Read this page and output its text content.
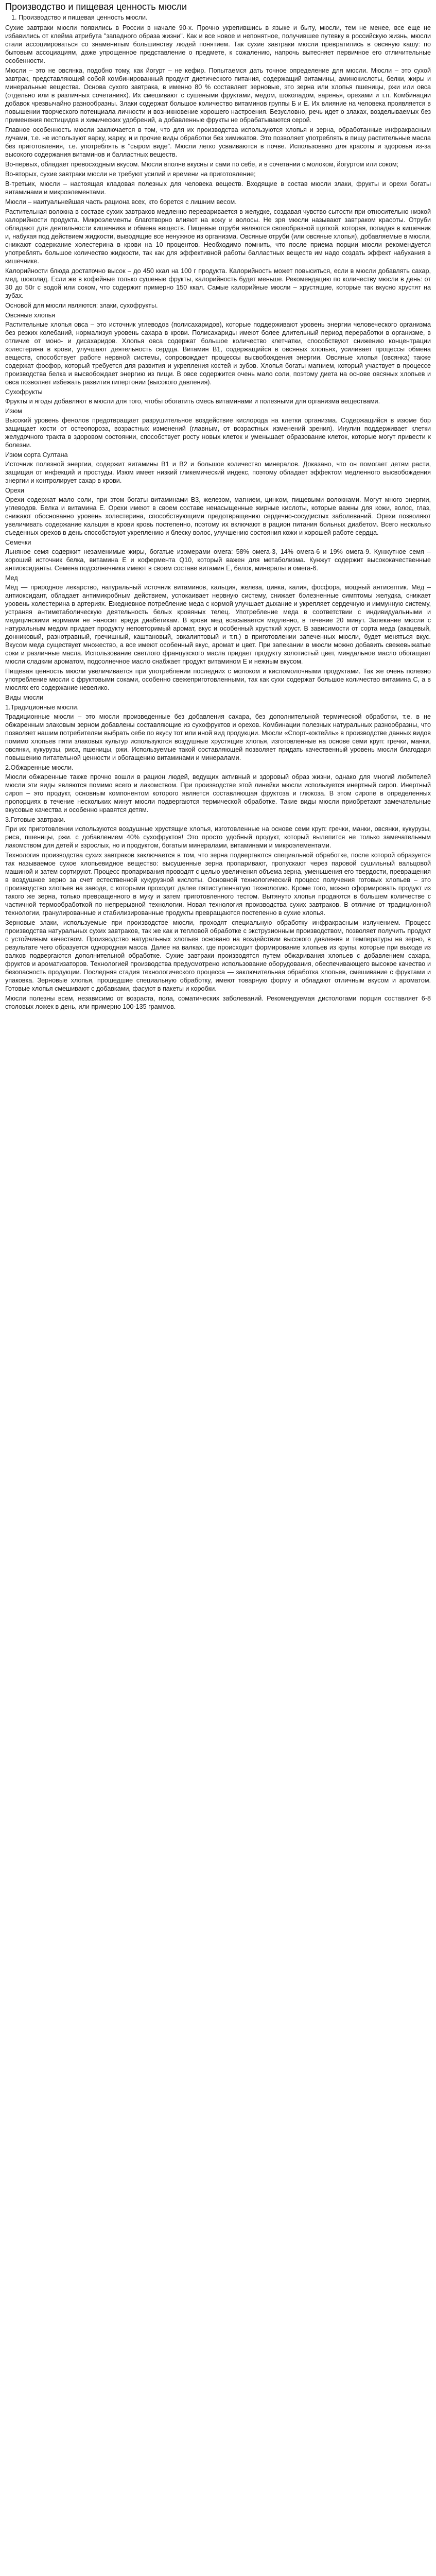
Производство и пищевая ценность мюсли
1. Производство и пищевая ценность мюсли.

Сухие завтраки мюсли появились в России в начале 90-х. Прочно укрепившись в языке и быту, мюсли, тем не менее, все еще не избавились от клейма атрибута "западного образа жизни". Как и все новое и непонятное, получившее путевку в российскую жизнь, мюсли стали ассоциироваться со знаменитым большинству людей понятием. Так сухие завтраки мюсли превратились в овсяную кашу: по бытовым ассоциациям, даже упрощенное представление о предмете, к сожалению, напрочь вытесняет первичное его отличительные особенности.

Мюсли – это не овсянка, подобно тому, как йогурт – не кефир. Попытаемся дать точное определение для мюсли. Мюсли – это сухой завтрак, представляющий собой комбинированный продукт диетического питания, содержащий витамины, аминокислоты, белки, жиры и минеральные вещества. Основа сухого завтрака, в именно 80 % составляет зерновые, это зерна или хлопья пшеницы, ржи или овса (отдельно или в различных сочетаниях). Их смешивают с сушеными фруктами, медом, шоколадом, варенья, орехами и т.п. Комбинации добавок чрезвычайно разнообразны. Злаки содержат большое количество витаминов группы Б и Е. Их влияние на человека проявляется в повышении творческого потенциала личности и возникновение хорошего настроения. Безусловно, речь идет о злаках, возделываемых без применения пестицидов и химических удобрений, а добавленные фрукты не обрабатываются серой.

Главное особенность мюсли заключается в том, что для их производства используются хлопья и зерна, обработанные инфракрасным лучами, т.е. не используют варку, жарку, и и прочие виды обработки без химикатов. Это позволяет употреблять в пищу растительные масла без приготовления, т.е. употреблять в "сыром виде". Мюсли легко усваиваются в почве. Использовано для красоты и здоровья из-за высокого содержания витаминов и балластных веществ.

Во-первых, обладает превосходным вкусом. Мюсли вполне вкусны и сами по себе, и в сочетании с молоком, йогуртом или соком;

Во-вторых, сухие завтраки мюсли не требуют усилий и времени на приготовление;

В-третьих, мюсли – настоящая кладовая полезных для человека веществ. Входящие в состав мюсли злаки, фрукты и орехи богаты витаминами и микроэлементами.

Мюсли – наитуальнейшая часть рациона всех, кто борется с лишним весом.

Растительная волокна в составе сухих завтраков медленно переваривается в желудке, создавая чувство сытости при относительно низкой калорийности продукта. Микроэлементы благотворно влияют на кожу и волосы. Не зря мюсли называют завтраком красоты. Отруби обладают для деятельности кишечника и обмена веществ. Пищевые отруби являются своеобразной щеткой, которая, попадая в кишечник и, набухая под действием жидкости, выводящие все ненужное из организма. Овсяные отруби (или овсяные хлопья), добавляемые в мюсли, снижают содержание холестерина в крови на 10 процентов. Необходимо помнить, что после приема порции мюсли рекомендуется употреблять большое количество жидкости, так как для эффективной работы балластных веществ им надо создать эффект набухания в кишечнике.

Калорийности блюда достаточно высок – до 450 ккал на 100 г продукта. Калорийность может повыситься, если в мюсли добавлять сахар, мед, шоколад. Если же в кофейные только сушеные фрукты, калорийность будет меньше. Рекомендацию по количеству мюсли в день: от 30 до 50г с водой или соком, что содержит примерно 150 ккал. Самые калорийные мюсли – хрустящие, которые так вкусно хрустят на зубах.

Основой для мюсли являются: злаки, сухофрукты.

Овсяные хлопья

Растительные хлопья овса – это источник углеводов (полисахаридов), которые поддерживают уровень энергии человеческого организма без резких колебаний, нормализуя уровень сахара в крови. Полисахариды имеют более длительный период переработки в организме, в отличие от моно- и дисахаридов. Хлопья овса содержат большое количество клетчатки, способствуют снижению концентрации холестерина в крови, улучшают деятельность сердца. Витамин В1, содержащийся в овсяных хлопьях, усиливает процессы обмена веществ, способствует работе нервной системы, сопровождает процессы высвобождения энергии. Овсяные хлопья (овсянка) также содержат фосфор, который требуется для развития и укрепления костей и зубов. Хлопья богаты магнием, который участвует в процессе производства белка и высвобождает энергию из пищи. В овсе содержится очень мало соли, поэтому диета на основе овсяных хлопьев и овса позволяет избежать развития гипертонии (высокого давления).

Сухофрукты

Фрукты и ягоды добавляют в мюсли для того, чтобы обогатить смесь витаминами и полезными для организма веществами.

Изюм

Высокий уровень фенолов предотвращает разрушительное воздействие кислорода на клетки организма. Содержащийся в изюме бор защищает кости от остеопороза, возрастных изменений (главным, от возрастных изменений зрения). Инулин поддерживает клетки желудочного тракта в здоровом состоянии, способствует росту новых клеток и уменьшает образование клеток, которые могут привести к болезни.

Изюм сорта Султана

Источник полезной энергии, содержит витамины В1 и В2 и большое количество минералов. Доказано, что он помогает детям расти, защищая от инфекций и простуды. Изюм имеет низкий гликемический индекс, поэтому обладает эффектом медленного высвобождения энергии и контролирует сахар в крови.

Орехи

Орехи содержат мало соли, при этом богаты витаминами В3, железом, магнием, цинком, пищевыми волокнами. Могут много энергии, углеводов. Белка и витамина Е. Орехи имеют в своем составе ненасыщенные жирные кислоты, которые важны для кожи, волос, глаз, снижают обоснованно уровень холестерина, способствующими предотвращению сердечно-сосудистых заболеваний. Орехи позволяют увеличивать содержание кальция в крови кровь постепенно, поэтому их включают в рацион питания больных диабетом. Всего несколько съеденных орехов в день способствуют укреплению и блеску волос, улучшению состояния кожи и хорошей работе сердца.

Семечки

Льняное семя содержит незаменимые жиры, богатые изомерами омега: 58% омега-3, 14% омега-6 и 19% омега-9. Кунжутное семя – хороший источник белка, витамина Е и кофермента Q10, который важен для метаболизма. Кунжут содержит высококачественные антиоксиданты. Семена подсолнечника имеют в своем составе витамин Е, белок, минералы и омега-6.

Мед

Мёд — природное лекарство, натуральный источник витаминов, кальция, железа, цинка, калия, фосфора, мощный антисептик. Мёд – антиоксидант, обладает антимикробным действием, успокаивает нервную систему, снижает болезненные симптомы желудка, снижает уровень холестерина в артериях. Ежедневное потребление меда с кормой улучшает дыхание и укрепляет сердечную и иммунную систему, устраняя антиметаболическую деятельность белых кровяных телец. Употребление меда в соответствии с индивидуальными и медицинскими нормами не наносит вреда диабетикам. В крови мед всасывается медленно, в течение 20 минут. Запекание мюсли с натуральным медом придает продукту неповторимый аромат, вкус и особенный хрусткий хруст. В зависимости от сорта меда (акацевый, донниковый, разнотравный, гречишный, каштановый, эвкалиптовый и т.п.) в приготовлении запеченных мюсли, будет меняться вкус. Вкусом меда существует множество, а все имеют особенный вкус, аромат и цвет. При запекании в мюсли можно добавить свежевыжатые соки и различные масла. Использование светлого французского масла придает продукту золотистый цвет, миндальное масло обогащает мюсли сладким ароматом, подсолнечное масло снабжает продукт витамином Е и нежным вкусом.

Пищевая ценность мюсли увеличивается при употреблении последних с молоком и кисломолочными продуктами. Так же очень полезно употребление мюсли с фруктовыми соками, особенно свежеприготовленными, так как сухи содержат большое количество витамина С, а в мюслях его содержание невелико.

Виды мюсли

1.Традиционные мюсли.

Традиционные мюсли – это мюсли произведенные без добавления сахара, без дополнительной термической обработки, т.е. в не обжаренным злаковым зерном добавлены составляющие из сухофруктов и орехов. Комбинации полезных натуральных разнообразны, что позволяет нашим потребителям выбрать себе по вкусу тот или иной вид продукции. Мюсли «Спорт-коктейль» в производстве данных видов помимо хлопьев пяти злаковых культур используются воздушные хрустящие хлопья, изготовленные на основе семи круп: гречки, манки, овсянки, кукурузы, риса, пшеницы, ржи. Используемые такой составляющей позволяет придать качественный уровень мюсли благодаря повышению питательной ценности и обогащению витаминами и минералами.

2.Обжаренные мюсли.

Мюсли обжаренные также прочно вошли в рацион людей, ведущих активный и здоровый образ жизни, однако для многий любителей мюсли эти виды являются помимо всего и лакомством. При производстве этой линейки мюсли используется инертный сироп. Инертный сироп – это продукт, основным компонентом которого является составляющая фруктоза и глюкоза. В этом сиропе в определенных пропорциях в течение нескольких минут мюсли подвергаются термической обработке. Такие виды мюсли приобретают замечательные вкусовые качества и особенно нравятся детям.

3.Готовые завтраки.

При их приготовлении используются воздушные хрустящие хлопья, изготовленные на основе семи круп: гречки, манки, овсянки, кукурузы, риса, пшеницы, ржи. с добавлением 40% сухофруктов! Это просто удобный продукт, который вылепится не только замечательным лакомством для детей и взрослых, но и продуктом, богатым минералами, витаминами и микроэлементами.

Технология производства сухих завтраков заключается в том, что зерна подвергаются специальной обработке, после которой образуется так называемое сухое хлопьевидное вещество: высушенные зерна пропаривают, пропускают через паровой сушильный вальцовой машиной и затем сортируют. Процесс пропаривания проводят с целью увеличения объема зерна, уменьшения его твердости, превращения в воздушное зерно за счет естественной кукурузной кислоты. Основной технологический процесс получения готовых хлопьев – это производство хлопьев на заводе, с которыми проходит далее пятиступенчатую технологию. Кроме того, можно сформировать продукт из такого же зерна, только превращенного в муку и затем приготовленного тестом. Вытянуто хлопья продаются в большем количестве с частичной термообработкой по непрерывной технологии. Новая технология производства сухих завтраков. В отличие от традиционной технологии, гранулированные и стабилизированные продукты превращаются постепенно в сухие хлопья.

Зерновые злаки, используемые при производстве мюсли, проходят специальную обработку инфракрасным излучением. Процесс производства натуральных сухих завтраков, так же как и тепловой обработке с экструзионным производством, позволяет получить продукт с устойчивым качеством. Производство натуральных хлопьев основано на воздействии высокого давления и температуры на зерно, в результате чего образуется однородная масса. Далее на валках, где происходит формирование хлопьев из крупы, которые при выходе из валков подвергаются дополнительной обработке. Сухие завтраки производятся путем обжаривания хлопьев с добавлением сахара, фруктов и ароматизаторов. Технологией производства предусмотрено использование оборудования, обеспечивающего высокое качество и безопасность продукции. Последняя стадия технологического процесса — заключительная обработка хлопьев, смешивание с фруктами и упаковка. Зерновые хлопья, прошедшие специальную обработку, имеют товарную форму и обладают отличным вкусом и ароматом. Готовые хлопья смешивают с добавками, фасуют в пакеты и коробки.

Мюсли полезны всем, независимо от возраста, пола, соматических заболеваний. Рекомендуемая дистологами порция составляет 6-8 столовых ложек в день, или примерно 100-135 граммов.
